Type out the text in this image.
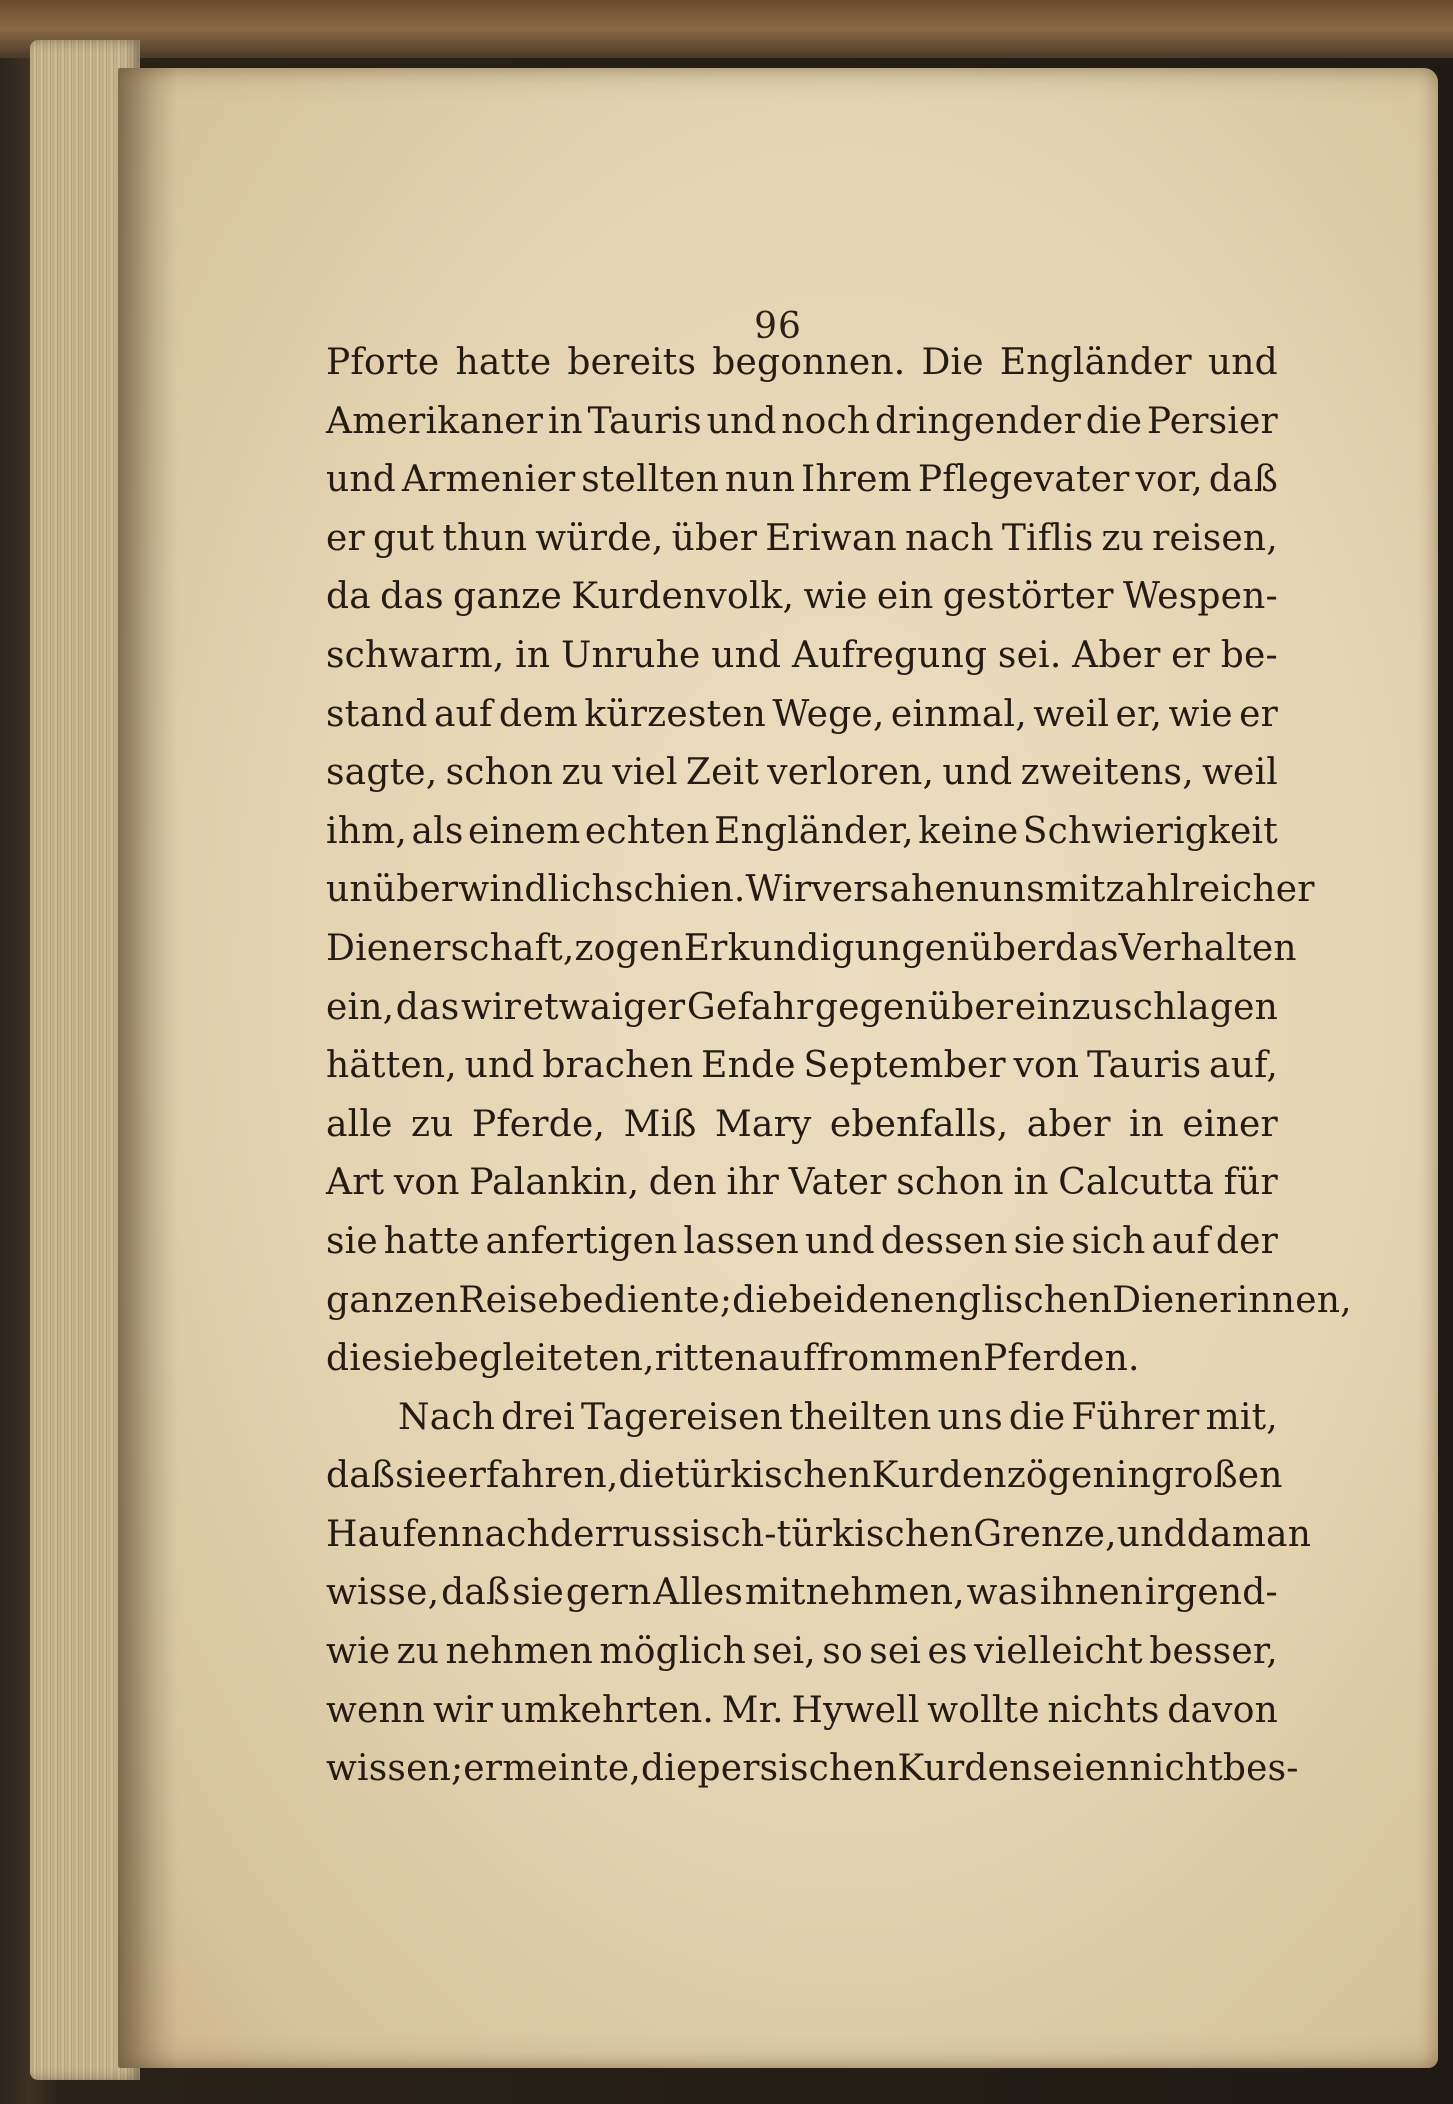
96
Pforte hatte bereits begonnen. Die Engländer und
Amerikaner in Tauris und noch dringender die Persier
und Armenier stellten nun Ihrem Pflegevater vor, daß
er gut thun würde, über Eriwan nach Tiflis zu reisen,
da das ganze Kurdenvolk, wie ein gestörter Wespen-
schwarm, in Unruhe und Aufregung sei. Aber er be-
stand auf dem kürzesten Wege, einmal, weil er, wie er
sagte, schon zu viel Zeit verloren, und zweitens, weil
ihm, als einem echten Engländer, keine Schwierigkeit
unüberwindlich schien. Wir versahen uns mit zahlreicher
Dienerschaft, zogen Erkundigungen über das Verhalten
ein, das wir etwaiger Gefahr gegenüber einzuschlagen
hätten, und brachen Ende September von Tauris auf,
alle zu Pferde, Miß Mary ebenfalls, aber in einer
Art von Palankin, den ihr Vater schon in Calcutta für
sie hatte anfertigen lassen und dessen sie sich auf der
ganzen Reise bediente; die beiden englischen Dienerinnen,
die sie begleiteten, ritten auf frommen Pferden.
Nach drei Tagereisen theilten uns die Führer mit,
daß sie erfahren, die türkischen Kurden zögen in großen
Haufen nach der russisch-türkischen Grenze, und da man
wisse, daß sie gern Alles mitnehmen, was ihnen irgend-
wie zu nehmen möglich sei, so sei es vielleicht besser,
wenn wir umkehrten. Mr. Hywell wollte nichts davon
wissen; er meinte, die persischen Kurden seien nicht bes-
